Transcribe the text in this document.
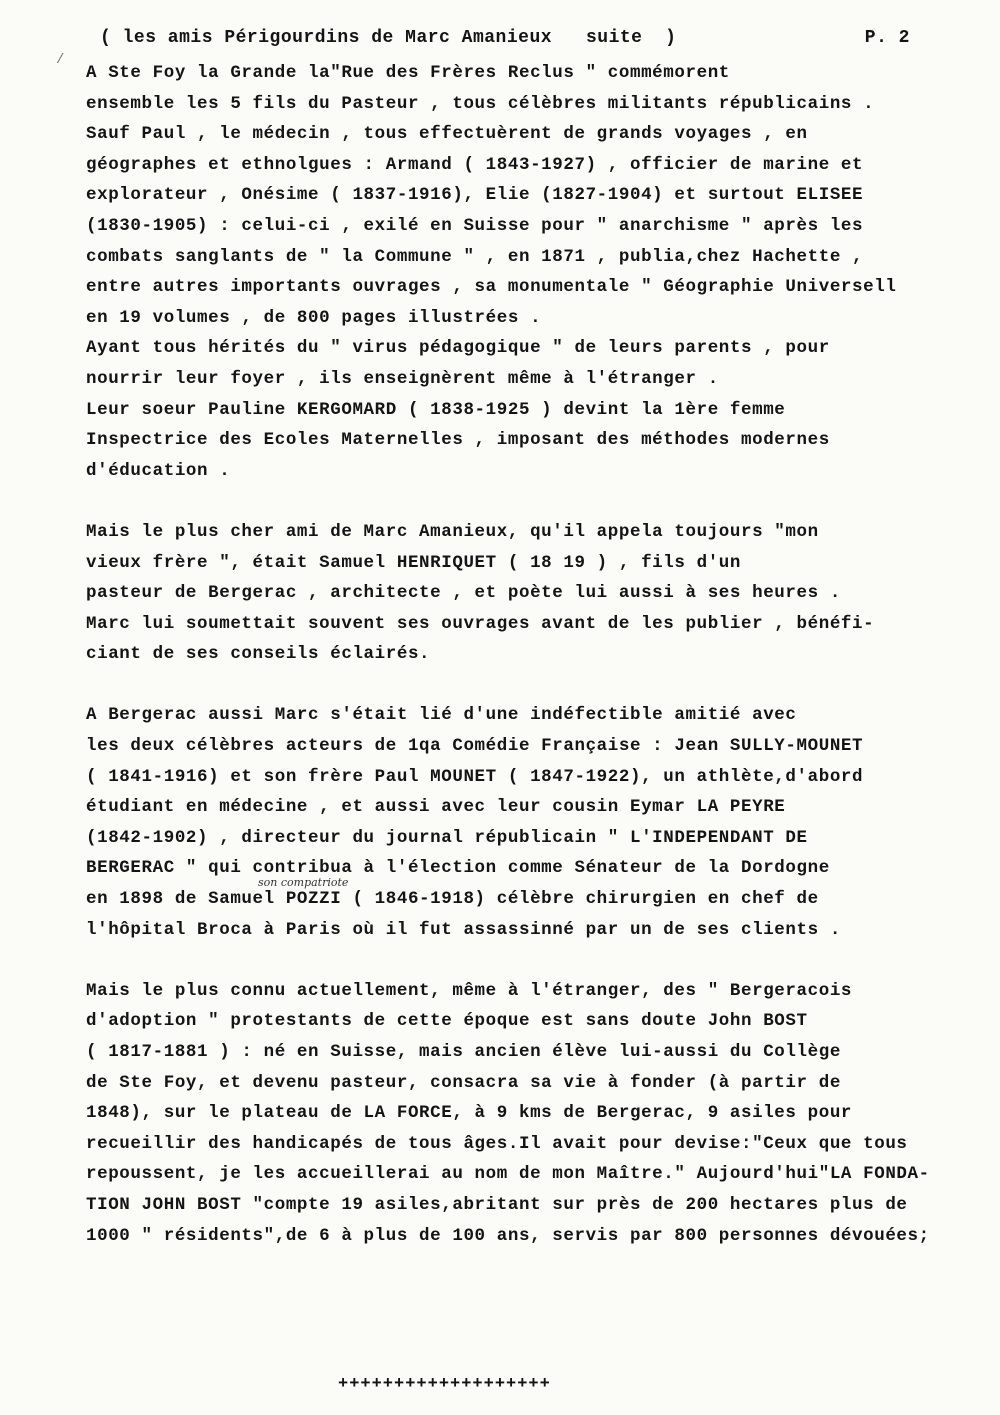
( les amis Périgourdins de Marc Amanieux   suite  )	P. 2
/
A Ste Foy la Grande la"Rue des Frères Reclus " commémorent
ensemble les 5 fils du Pasteur , tous célèbres militants républicains .
Sauf Paul , le médecin , tous effectuèrent de grands voyages , en
géographes et ethnolgues : Armand ( 1843-1927) , officier de marine et
explorateur , Onésime ( 1837-1916), Elie (1827-1904) et surtout ELISEE
(1830-1905) : celui-ci , exilé en Suisse pour " anarchisme " après les
combats sanglants de " la Commune " , en 1871 , publia,chez Hachette ,
entre autres importants ouvrages , sa monumentale " Géographie Universell
en 19 volumes , de 800 pages illustrées .
Ayant tous hérités du " virus pédagogique " de leurs parents , pour
nourrir leur foyer , ils enseignèrent même à l'étranger .
Leur soeur Pauline KERGOMARD ( 1838-1925 ) devint la 1ère femme
Inspectrice des Ecoles Maternelles , imposant des méthodes modernes
d'éducation .
Mais le plus cher ami de Marc Amanieux, qu'il appela toujours "mon
vieux frère ", était Samuel HENRIQUET ( 18 19 ) , fils d'un
pasteur de Bergerac , architecte , et poète lui aussi à ses heures .
Marc lui soumettait souvent ses ouvrages avant de les publier , bénéfi-
ciant de ses conseils éclairés.
A Bergerac aussi Marc s'était lié d'une indéfectible amitié avec
les deux célèbres acteurs de 1qa Comédie Française : Jean SULLY-MOUNET
( 1841-1916) et son frère Paul MOUNET ( 1847-1922), un athlète,d'abord
étudiant en médecine , et aussi avec leur cousin Eymar LA PEYRE
(1842-1902) , directeur du journal républicain " L'INDEPENDANT DE
BERGERAC " qui contribua à l'élection comme Sénateur de la Dordogne
en 1898 de Samuel POZZI ( 1846-1918) célèbre chirurgien en chef de
l'hôpital Broca à Paris où il fut assassinné par un de ses clients .
Mais le plus connu actuellement, même à l'étranger, des " Bergeracois
d'adoption " protestants de cette époque est sans doute John BOST
( 1817-1881 ) : né en Suisse, mais ancien élève lui-aussi du Collège
de Ste Foy, et devenu pasteur, consacra sa vie à fonder (à partir de
1848), sur le plateau de LA FORCE, à 9 kms de Bergerac, 9 asiles pour
recueillir des handicapés de tous âges.Il avait pour devise:"Ceux que tous
repoussent, je les accueillerai au nom de mon Maître." Aujourd'hui"LA FONDA-
TION JOHN BOST "compte 19 asiles,abritant sur près de 200 hectares plus de
1000 " résidents",de 6 à plus de 100 ans, servis par 800 personnes dévouées;
son compatriote
+++++++++++++++++++
